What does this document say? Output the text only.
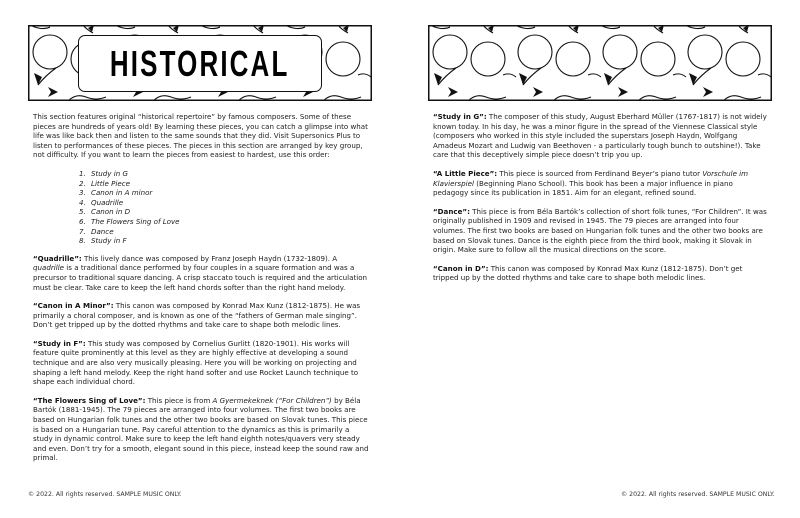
HISTORICAL

This section features original “historical repertoire” by famous composers. Some of these pieces are hundreds of years old! By learning these pieces, you can catch a glimpse into what life was like back then and listen to the same sounds that they did. Visit Supersonics Plus to listen to performances of these pieces. The pieces in this section are arranged by key group, not difficulty. If you want to learn the pieces from easiest to hardest, use this order:

1. Study in G
2. Little Piece
3. Canon in A minor
4. Quadrille
5. Canon in D
6. The Flowers Sing of Love
7. Dance
8. Study in F

“Quadrille”: This lively dance was composed by Franz Joseph Haydn (1732-1809). A quadrille is a traditional dance performed by four couples in a square formation and was a precursor to traditional square dancing. A crisp staccato touch is required and the articulation must be clear. Take care to keep the left hand chords softer than the right hand melody.

“Canon in A Minor”: This canon was composed by Konrad Max Kunz (1812-1875). He was primarily a choral composer, and is known as one of the “fathers of German male singing”. Don’t get tripped up by the dotted rhythms and take care to shape both melodic lines.

“Study in F”: This study was composed by Cornelius Gurlitt (1820-1901). His works will feature quite prominently at this level as they are highly effective at developing a sound technique and are also very musically pleasing. Here you will be working on projecting and shaping a left hand melody. Keep the right hand softer and use Rocket Launch technique to shape each individual chord.

“The Flowers Sing of Love”: This piece is from A Gyermekeknek (“For Children”) by Béla Bartók (1881-1945). The 79 pieces are arranged into four volumes. The first two books are based on Hungarian folk tunes and the other two books are based on Slovak tunes. This piece is based on a Hungarian tune. Pay careful attention to the dynamics as this is primarily a study in dynamic control. Make sure to keep the left hand eighth notes/quavers very steady and even. Don’t try for a smooth, elegant sound in this piece, instead keep the sound raw and primal.

© 2022. All rights reserved. SAMPLE MUSIC ONLY.

“Study in G”: The composer of this study, August Eberhard Müller (1767-1817) is not widely known today. In his day, he was a minor figure in the spread of the Viennese Classical style (composers who worked in this style included the superstars Joseph Haydn, Wolfgang Amadeus Mozart and Ludwig van Beethoven - a particularly tough bunch to outshine!). Take care that this deceptively simple piece doesn’t trip you up.

“A Little Piece”: This piece is sourced from Ferdinand Beyer’s piano tutor Vorschule im Klavierspiel (Beginning Piano School). This book has been a major influence in piano pedagogy since its publication in 1851. Aim for an elegant, refined sound.

“Dance”: This piece is from Béla Bartók’s collection of short folk tunes, “For Children”. It was originally published in 1909 and revised in 1945. The 79 pieces are arranged into four volumes. The first two books are based on Hungarian folk tunes and the other two books are based on Slovak tunes. Dance is the eighth piece from the third book, making it Slovak in origin. Make sure to follow all the musical directions on the score.

“Canon in D”: This canon was composed by Konrad Max Kunz (1812-1875). Don’t get tripped up by the dotted rhythms and take care to shape both melodic lines.

© 2022. All rights reserved. SAMPLE MUSIC ONLY.
